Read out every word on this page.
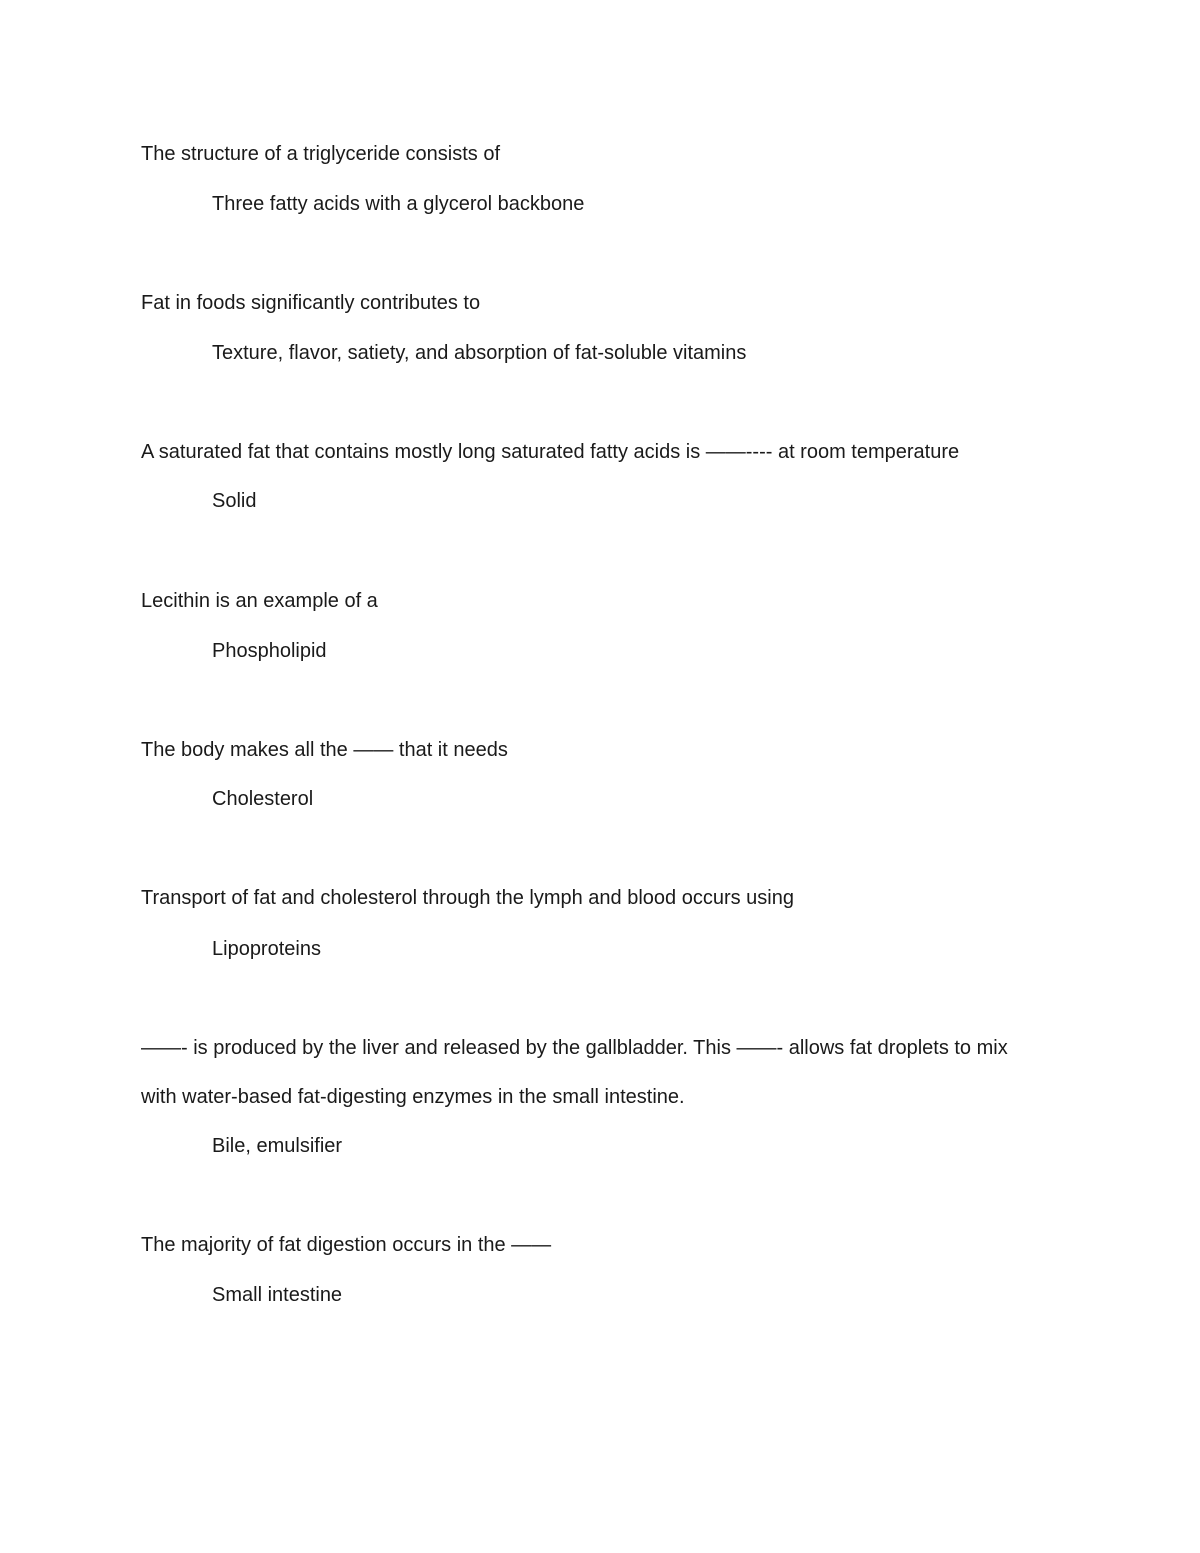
The structure of a triglyceride consists of
Three fatty acids with a glycerol backbone
Fat in foods significantly contributes to
Texture, flavor, satiety, and absorption of fat-soluble vitamins
A saturated fat that contains mostly long saturated fatty acids is ——---- at room temperature
Solid
Lecithin is an example of a
Phospholipid
The body makes all the —— that it needs
Cholesterol
Transport of fat and cholesterol through the lymph and blood occurs using
Lipoproteins
——- is produced by the liver and released by the gallbladder. This ——- allows fat droplets to mix
with water-based fat-digesting enzymes in the small intestine.
Bile, emulsifier
The majority of fat digestion occurs in the ——
Small intestine
